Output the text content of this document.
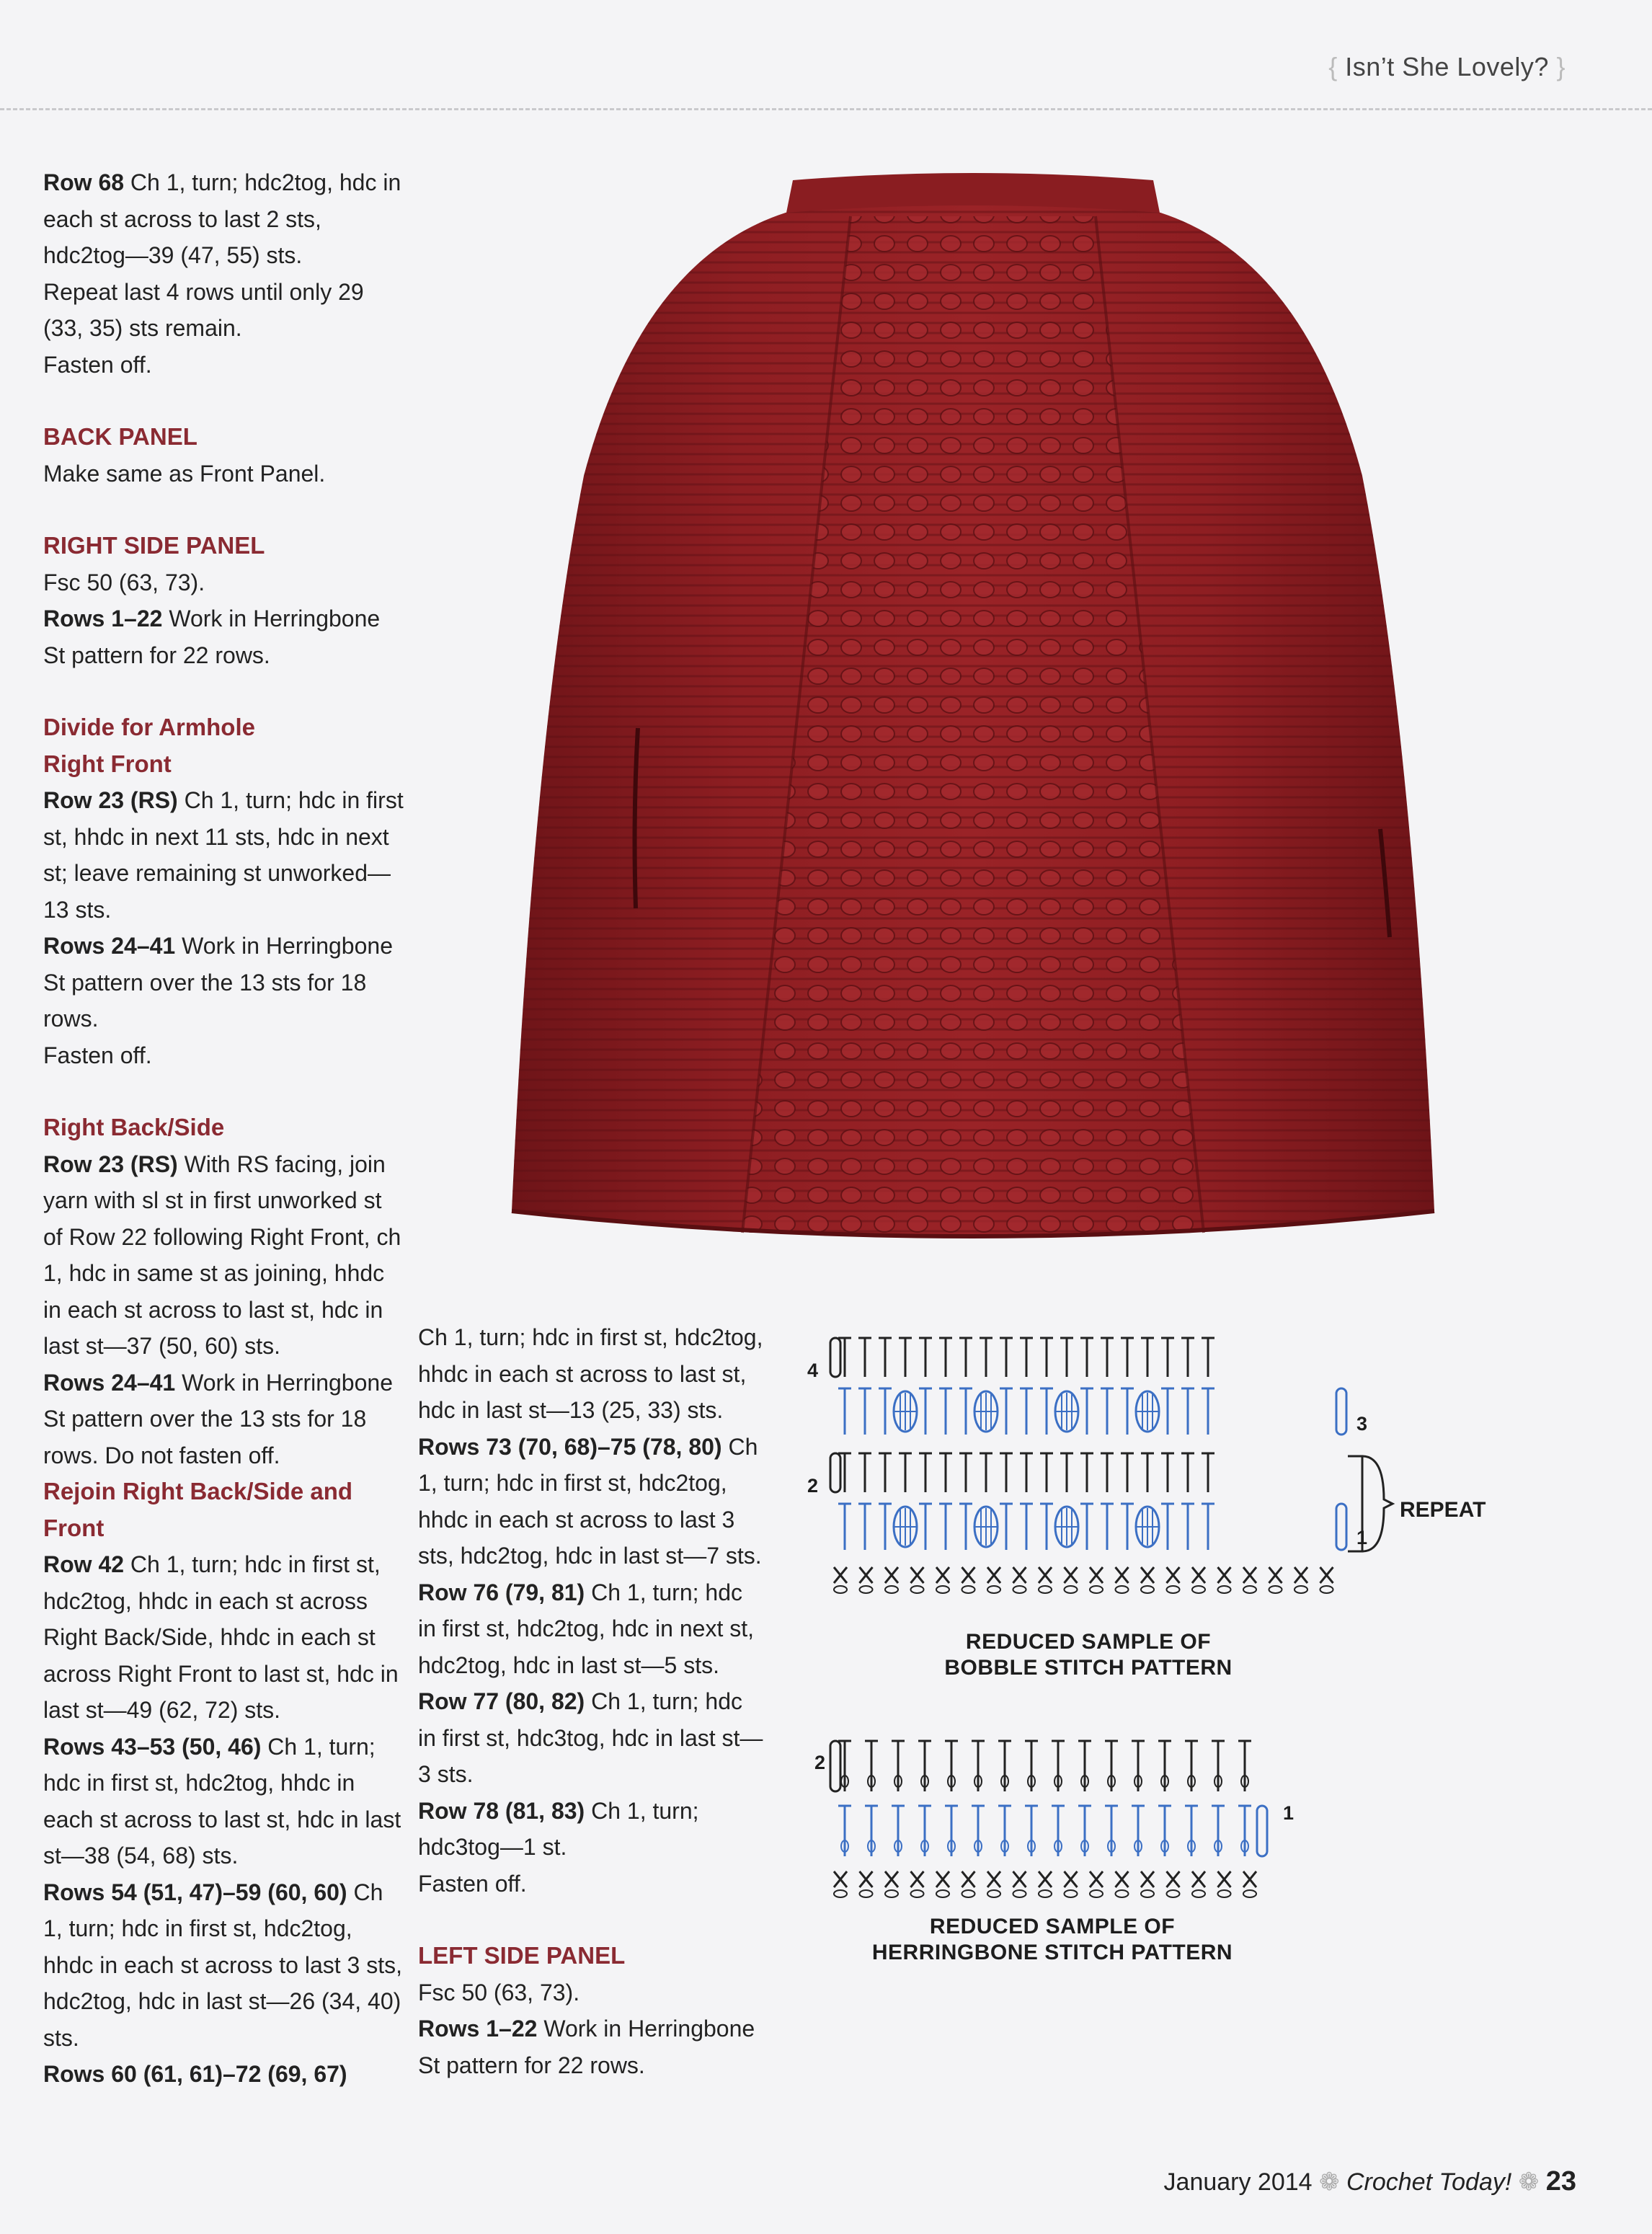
{ Isn’t She Lovely? }

Row 68 Ch 1, turn; hdc2tog, hdc in each st across to last 2 sts, hdc2tog—39 (47, 55) sts.

Repeat last 4 rows until only 29 (33, 35) sts remain.

Fasten off.

BACK PANEL

Make same as Front Panel.

RIGHT SIDE PANEL

Fsc 50 (63, 73).

Rows 1–22 Work in Herringbone St pattern for 22 rows.

Divide for Armhole

Right Front

Row 23 (RS) Ch 1, turn; hdc in first st, hhdc in next 11 sts, hdc in next st; leave remaining st unworked—13 sts.

Rows 24–41 Work in Herringbone St pattern over the 13 sts for 18 rows.

Fasten off.

Right Back/Side

Row 23 (RS) With RS facing, join yarn with sl st in first unworked st of Row 22 following Right Front, ch 1, hdc in same st as joining, hhdc in each st across to last st, hdc in last st—37 (50, 60) sts.

Rows 24–41 Work in Herringbone St pattern over the 13 sts for 18 rows. Do not fasten off.

Rejoin Right Back/Side and Front

Row 42 Ch 1, turn; hdc in first st, hdc2tog, hhdc in each st across Right Back/Side, hhdc in each st across Right Front to last st, hdc in last st—49 (62, 72) sts.

Rows 43–53 (50, 46) Ch 1, turn; hdc in first st, hdc2tog, hhdc in each st across to last st, hdc in last st—38 (54, 68) sts.

Rows 54 (51, 47)–59 (60, 60) Ch 1, turn; hdc in first st, hdc2tog, hhdc in each st across to last 3 sts, hdc2tog, hdc in last st—26 (34, 40) sts.

Rows 60 (61, 61)–72 (69, 67)

Ch 1, turn; hdc in first st, hdc2tog, hhdc in each st across to last st, hdc in last st—13 (25, 33) sts.

Rows 73 (70, 68)–75 (78, 80) Ch 1, turn; hdc in first st, hdc2tog, hhdc in each st across to last 3 sts, hdc2tog, hdc in last st—7 sts.

Row 76 (79, 81) Ch 1, turn; hdc in first st, hdc2tog, hdc in next st, hdc2tog, hdc in last st—5 sts.

Row 77 (80, 82) Ch 1, turn; hdc in first st, hdc3tog, hdc in last st—3 sts.

Row 78 (81, 83) Ch 1, turn; hdc3tog—1 st.

Fasten off.

LEFT SIDE PANEL

Fsc 50 (63, 73).

Rows 1–22 Work in Herringbone St pattern for 22 rows.

4
3
2
1
REPEAT
REDUCED SAMPLE OF
BOBBLE STITCH PATTERN
2
1
REDUCED SAMPLE OF
HERRINGBONE STITCH PATTERN
January 2014 ❁ Crochet Today! ❁ 23
